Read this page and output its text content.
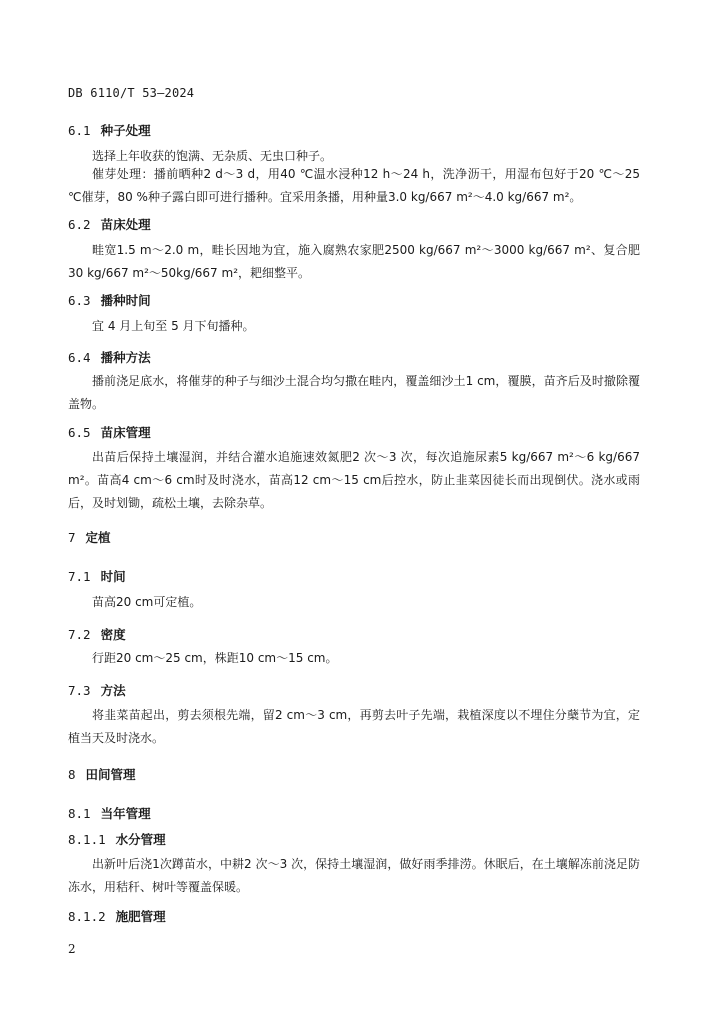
DB 6110/T 53—2024
6.1 种子处理
选择上年收获的饱满、无杂质、无虫口种子。
催芽处理：播前晒种2 d～3 d，用40 ℃温水浸种12 h～24 h，洗净沥干，用湿布包好于20 ℃～25 ℃催芽，80 %种子露白即可进行播种。宜采用条播，用种量3.0 kg/667 m²～4.0 kg/667 m²。
6.2 苗床处理
畦宽1.5 m～2.0 m，畦长因地为宜，施入腐熟农家肥2500 kg/667 m²～3000 kg/667 m²、复合肥30 kg/667 m²～50kg/667 m²，耙细整平。
6.3 播种时间
宜 4 月上旬至 5 月下旬播种。
6.4 播种方法
播前浇足底水，将催芽的种子与细沙土混合均匀撒在畦内，覆盖细沙土1 cm，覆膜，苗齐后及时撤除覆盖物。
6.5 苗床管理
出苗后保持土壤湿润，并结合灌水追施速效氮肥2 次～3 次，每次追施尿素5 kg/667 m²～6 kg/667 m²。苗高4 cm～6 cm时及时浇水，苗高12 cm～15 cm后控水，防止韭菜因徒长而出现倒伏。浇水或雨后，及时划锄，疏松土壤，去除杂草。
7 定植
7.1 时间
苗高20 cm可定植。
7.2 密度
行距20 cm～25 cm，株距10 cm～15 cm。
7.3 方法
将韭菜苗起出，剪去须根先端，留2 cm～3 cm，再剪去叶子先端，栽植深度以不埋住分蘖节为宜，定植当天及时浇水。
8 田间管理
8.1 当年管理
8.1.1 水分管理
出新叶后浇1次蹲苗水，中耕2 次～3 次，保持土壤湿润，做好雨季排涝。休眠后，在土壤解冻前浇足防冻水，用秸秆、树叶等覆盖保暖。
8.1.2 施肥管理
2
